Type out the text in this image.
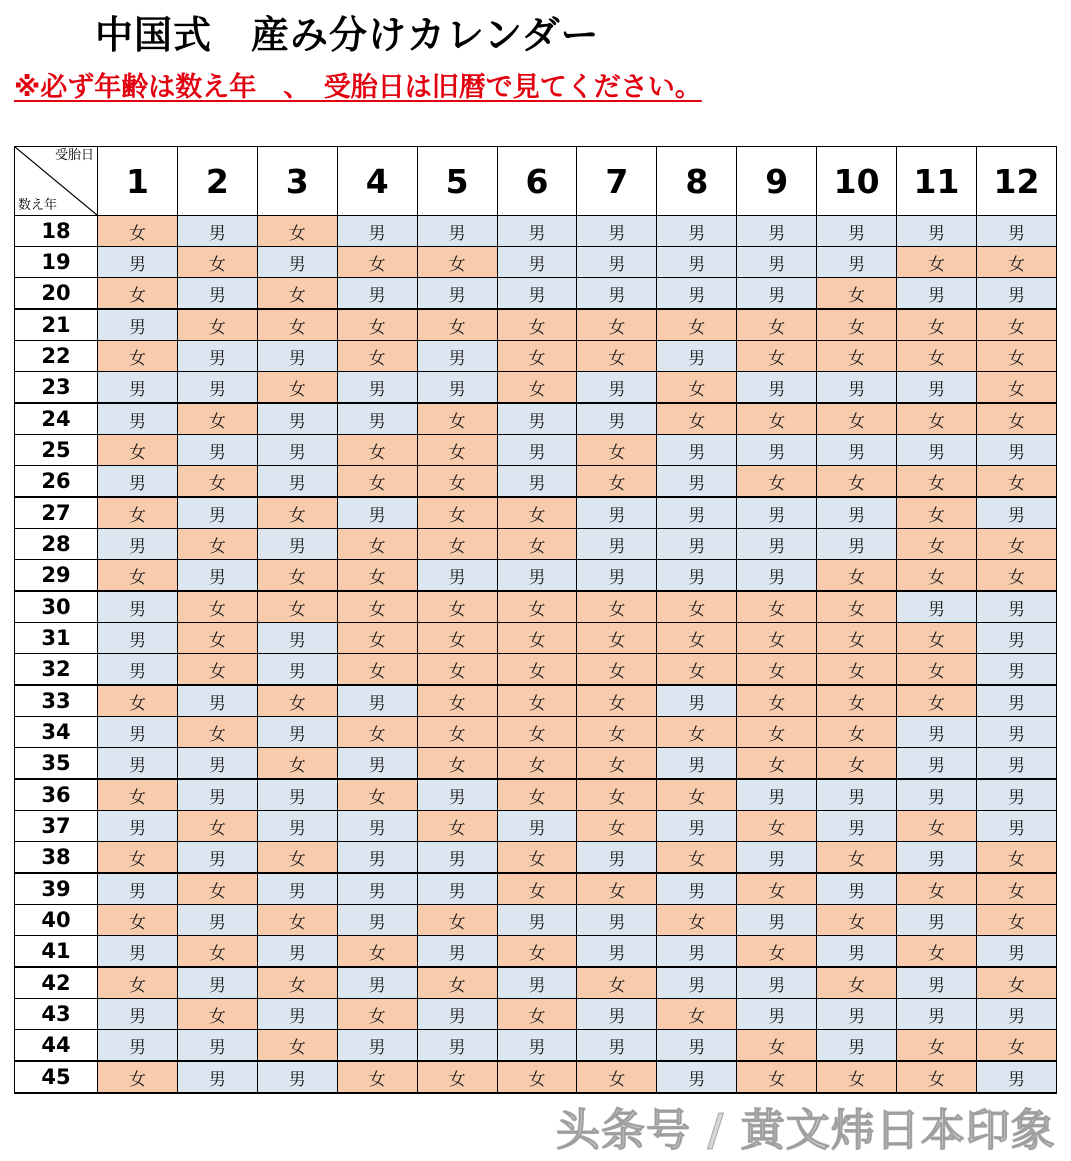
中国式　産み分けカレンダー

※必ず年齢は数え年　、　受胎日は旧暦で見てください。

受胎日
数え年	1	2	3	4	5	6	7	8	9	10	11	12
18	女	男	女	男	男	男	男	男	男	男	男	男
19	男	女	男	女	女	男	男	男	男	男	女	女
20	女	男	女	男	男	男	男	男	男	女	男	男
21	男	女	女	女	女	女	女	女	女	女	女	女
22	女	男	男	女	男	女	女	男	女	女	女	女
23	男	男	女	男	男	女	男	女	男	男	男	女
24	男	女	男	男	女	男	男	女	女	女	女	女
25	女	男	男	女	女	男	女	男	男	男	男	男
26	男	女	男	女	女	男	女	男	女	女	女	女
27	女	男	女	男	女	女	男	男	男	男	女	男
28	男	女	男	女	女	女	男	男	男	男	女	女
29	女	男	女	女	男	男	男	男	男	女	女	女
30	男	女	女	女	女	女	女	女	女	女	男	男
31	男	女	男	女	女	女	女	女	女	女	女	男
32	男	女	男	女	女	女	女	女	女	女	女	男
33	女	男	女	男	女	女	女	男	女	女	女	男
34	男	女	男	女	女	女	女	女	女	女	男	男
35	男	男	女	男	女	女	女	男	女	女	男	男
36	女	男	男	女	男	女	女	女	男	男	男	男
37	男	女	男	男	女	男	女	男	女	男	女	男
38	女	男	女	男	男	女	男	女	男	女	男	女
39	男	女	男	男	男	女	女	男	女	男	女	女
40	女	男	女	男	女	男	男	女	男	女	男	女
41	男	女	男	女	男	女	男	男	女	男	女	男
42	女	男	女	男	女	男	女	男	男	女	男	女
43	男	女	男	女	男	女	男	女	男	男	男	男
44	男	男	女	男	男	男	男	男	女	男	女	女
45	女	男	男	女	女	女	女	男	女	女	女	男
头条号 / 黄文炜日本印象
